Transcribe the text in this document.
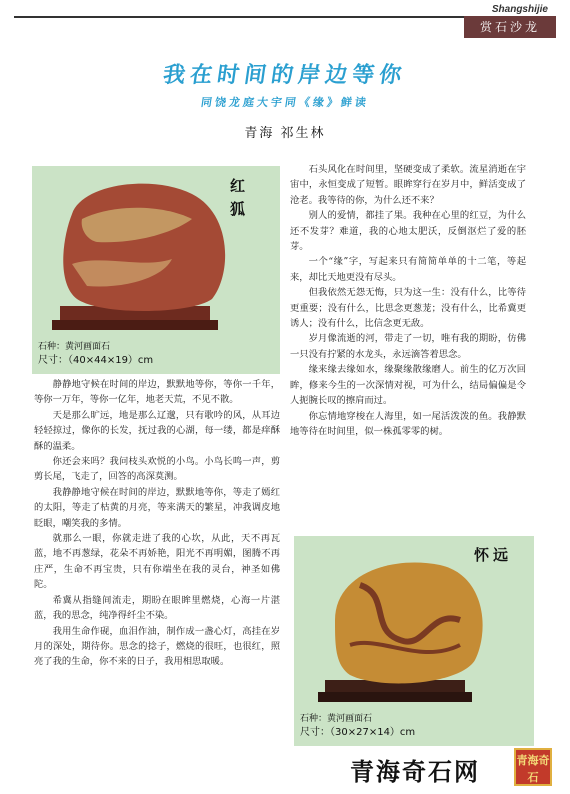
Shangshijie
赏石沙龙
我在时间的岸边等你
同饶龙庭大宇同《缘》鲜读
青海 祁生林
红狐
石种：黄河画面石
尺寸：（40×44×19）cm

静静地守候在时间的岸边，默默地等你，等你一千年，等你一万年，等你一亿年，地老天荒，不见不散。

天是那么旷远，地是那么辽邈，只有歌吟的风，从耳边轻轻掠过，像你的长发，抚过我的心湖，每一缕，都是痒酥酥的温柔。

你还会来吗？我问枝头欢悦的小鸟。小鸟长鸣一声，剪剪长尾，飞走了，回答的高深莫测。

我静静地守候在时间的岸边，默默地等你，等走了嫣红的太阳，等走了枯黄的月亮，等来满天的繁星，冲我调皮地眨眼，嘲笑我的多情。

就那么一眼，你就走进了我的心坎，从此，天不再瓦蓝，地不再葱绿，花朵不再娇艳，阳光不再明媚，图腾不再庄严，生命不再宝贵，只有你端坐在我的灵台，神圣如佛陀。

希冀从指缝间流走，期盼在眼眸里燃烧，心海一片湛蓝，我的思念，纯净得纤尘不染。

我用生命作砚，血泪作油，制作成一盏心灯，高挂在岁月的深处，期待你。思念的捻子，燃烧的很旺，也很红，照亮了我的生命，你不来的日子，我用相思取暖。

石头风化在时间里，坚硬变成了柔软。流星消逝在宇宙中，永恒变成了短暂。眼眸穿行在岁月中，鲜活变成了沧老。我等待的你，为什么还不来？

别人的爱情，都挂了果。我种在心里的红豆，为什么还不发芽？难道，我的心地太肥沃，反倒沤烂了爱的胚芽。

一个“缘”字，写起来只有简简单单的十二笔，等起来，却比天地更没有尽头。

但我依然无怨无悔，只为这一生：没有什么，比等待更重要；没有什么，比思念更葱茏；没有什么，比希冀更诱人；没有什么，比信念更无敌。

岁月像流逝的河，带走了一切，唯有我的期盼，仿佛一只没有拧紧的水龙头，永远滴答着思念。

缘来缘去缘如水，缘聚缘散缘磨人。前生的亿万次回眸，修来今生的一次深情对视，可为什么，结局偏偏是令人扼腕长叹的擦肩而过。

你忘情地穿梭在人海里，如一尾活泼泼的鱼。我静默地等待在时间里，似一株孤零零的树。

怀远
石种：黄河画面石
尺寸：（30×27×14）cm
青海奇石网	青海奇石
